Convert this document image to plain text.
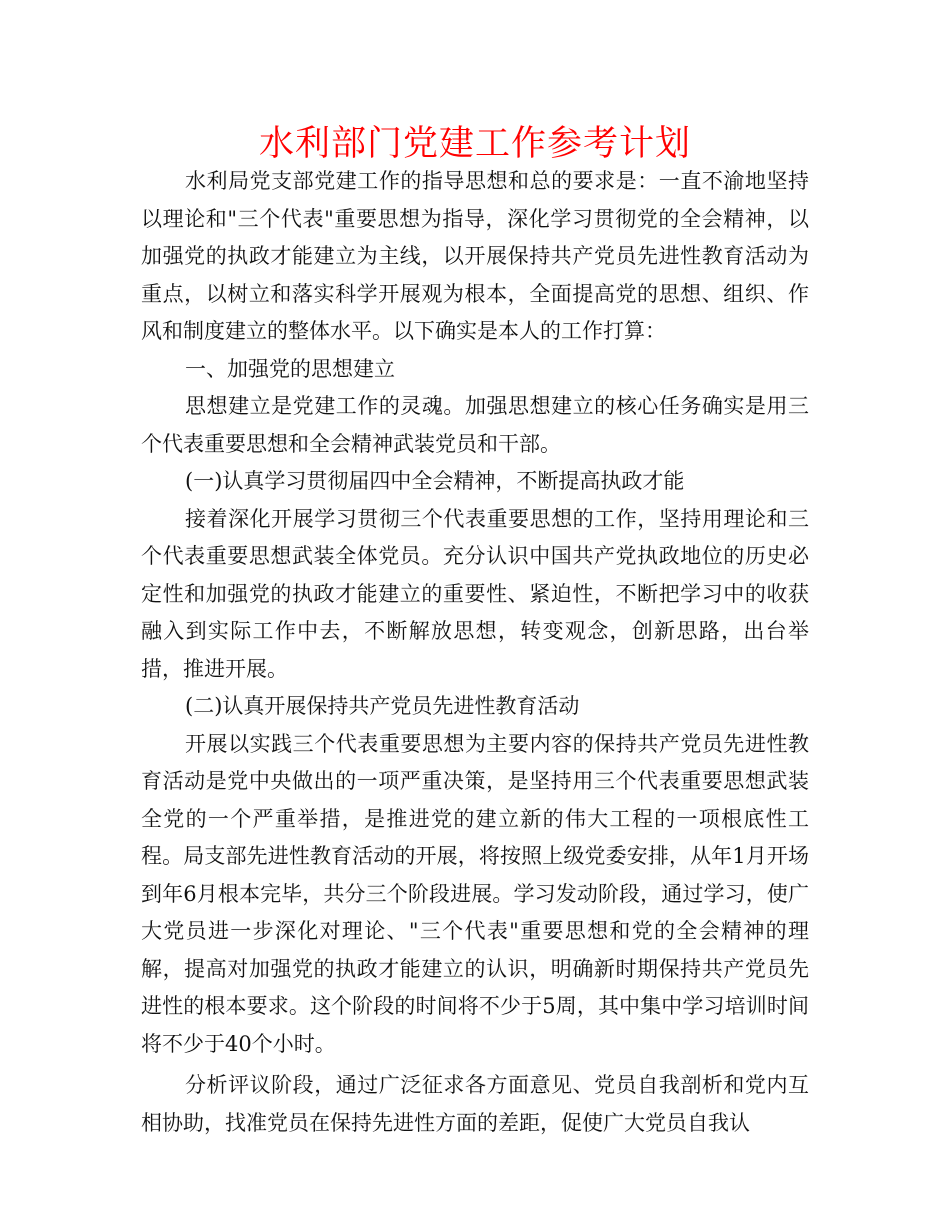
水利部门党建工作参考计划

水利局党支部党建工作的指导思想和总的要求是：一直不渝地坚持以理论和"三个代表"重要思想为指导，深化学习贯彻党的全会精神，以加强党的执政才能建立为主线，以开展保持共产党员先进性教育活动为重点，以树立和落实科学开展观为根本，全面提高党的思想、组织、作风和制度建立的整体水平。以下确实是本人的工作打算：

一、加强党的思想建立

思想建立是党建工作的灵魂。加强思想建立的核心任务确实是用三个代表重要思想和全会精神武装党员和干部。

(一)认真学习贯彻届四中全会精神，不断提高执政才能

接着深化开展学习贯彻三个代表重要思想的工作，坚持用理论和三个代表重要思想武装全体党员。充分认识中国共产党执政地位的历史必定性和加强党的执政才能建立的重要性、紧迫性，不断把学习中的收获融入到实际工作中去，不断解放思想，转变观念，创新思路，出台举措，推进开展。

(二)认真开展保持共产党员先进性教育活动

开展以实践三个代表重要思想为主要内容的保持共产党员先进性教育活动是党中央做出的一项严重决策，是坚持用三个代表重要思想武装全党的一个严重举措，是推进党的建立新的伟大工程的一项根底性工程。局支部先进性教育活动的开展，将按照上级党委安排，从年1月开场到年6月根本完毕，共分三个阶段进展。学习发动阶段，通过学习，使广大党员进一步深化对理论、"三个代表"重要思想和党的全会精神的理解，提高对加强党的执政才能建立的认识，明确新时期保持共产党员先进性的根本要求。这个阶段的时间将不少于5周，其中集中学习培训时间将不少于40个小时。

分析评议阶段，通过广泛征求各方面意见、党员自我剖析和党内互相协助，找准党员在保持先进性方面的差距，促使广大党员自我认
